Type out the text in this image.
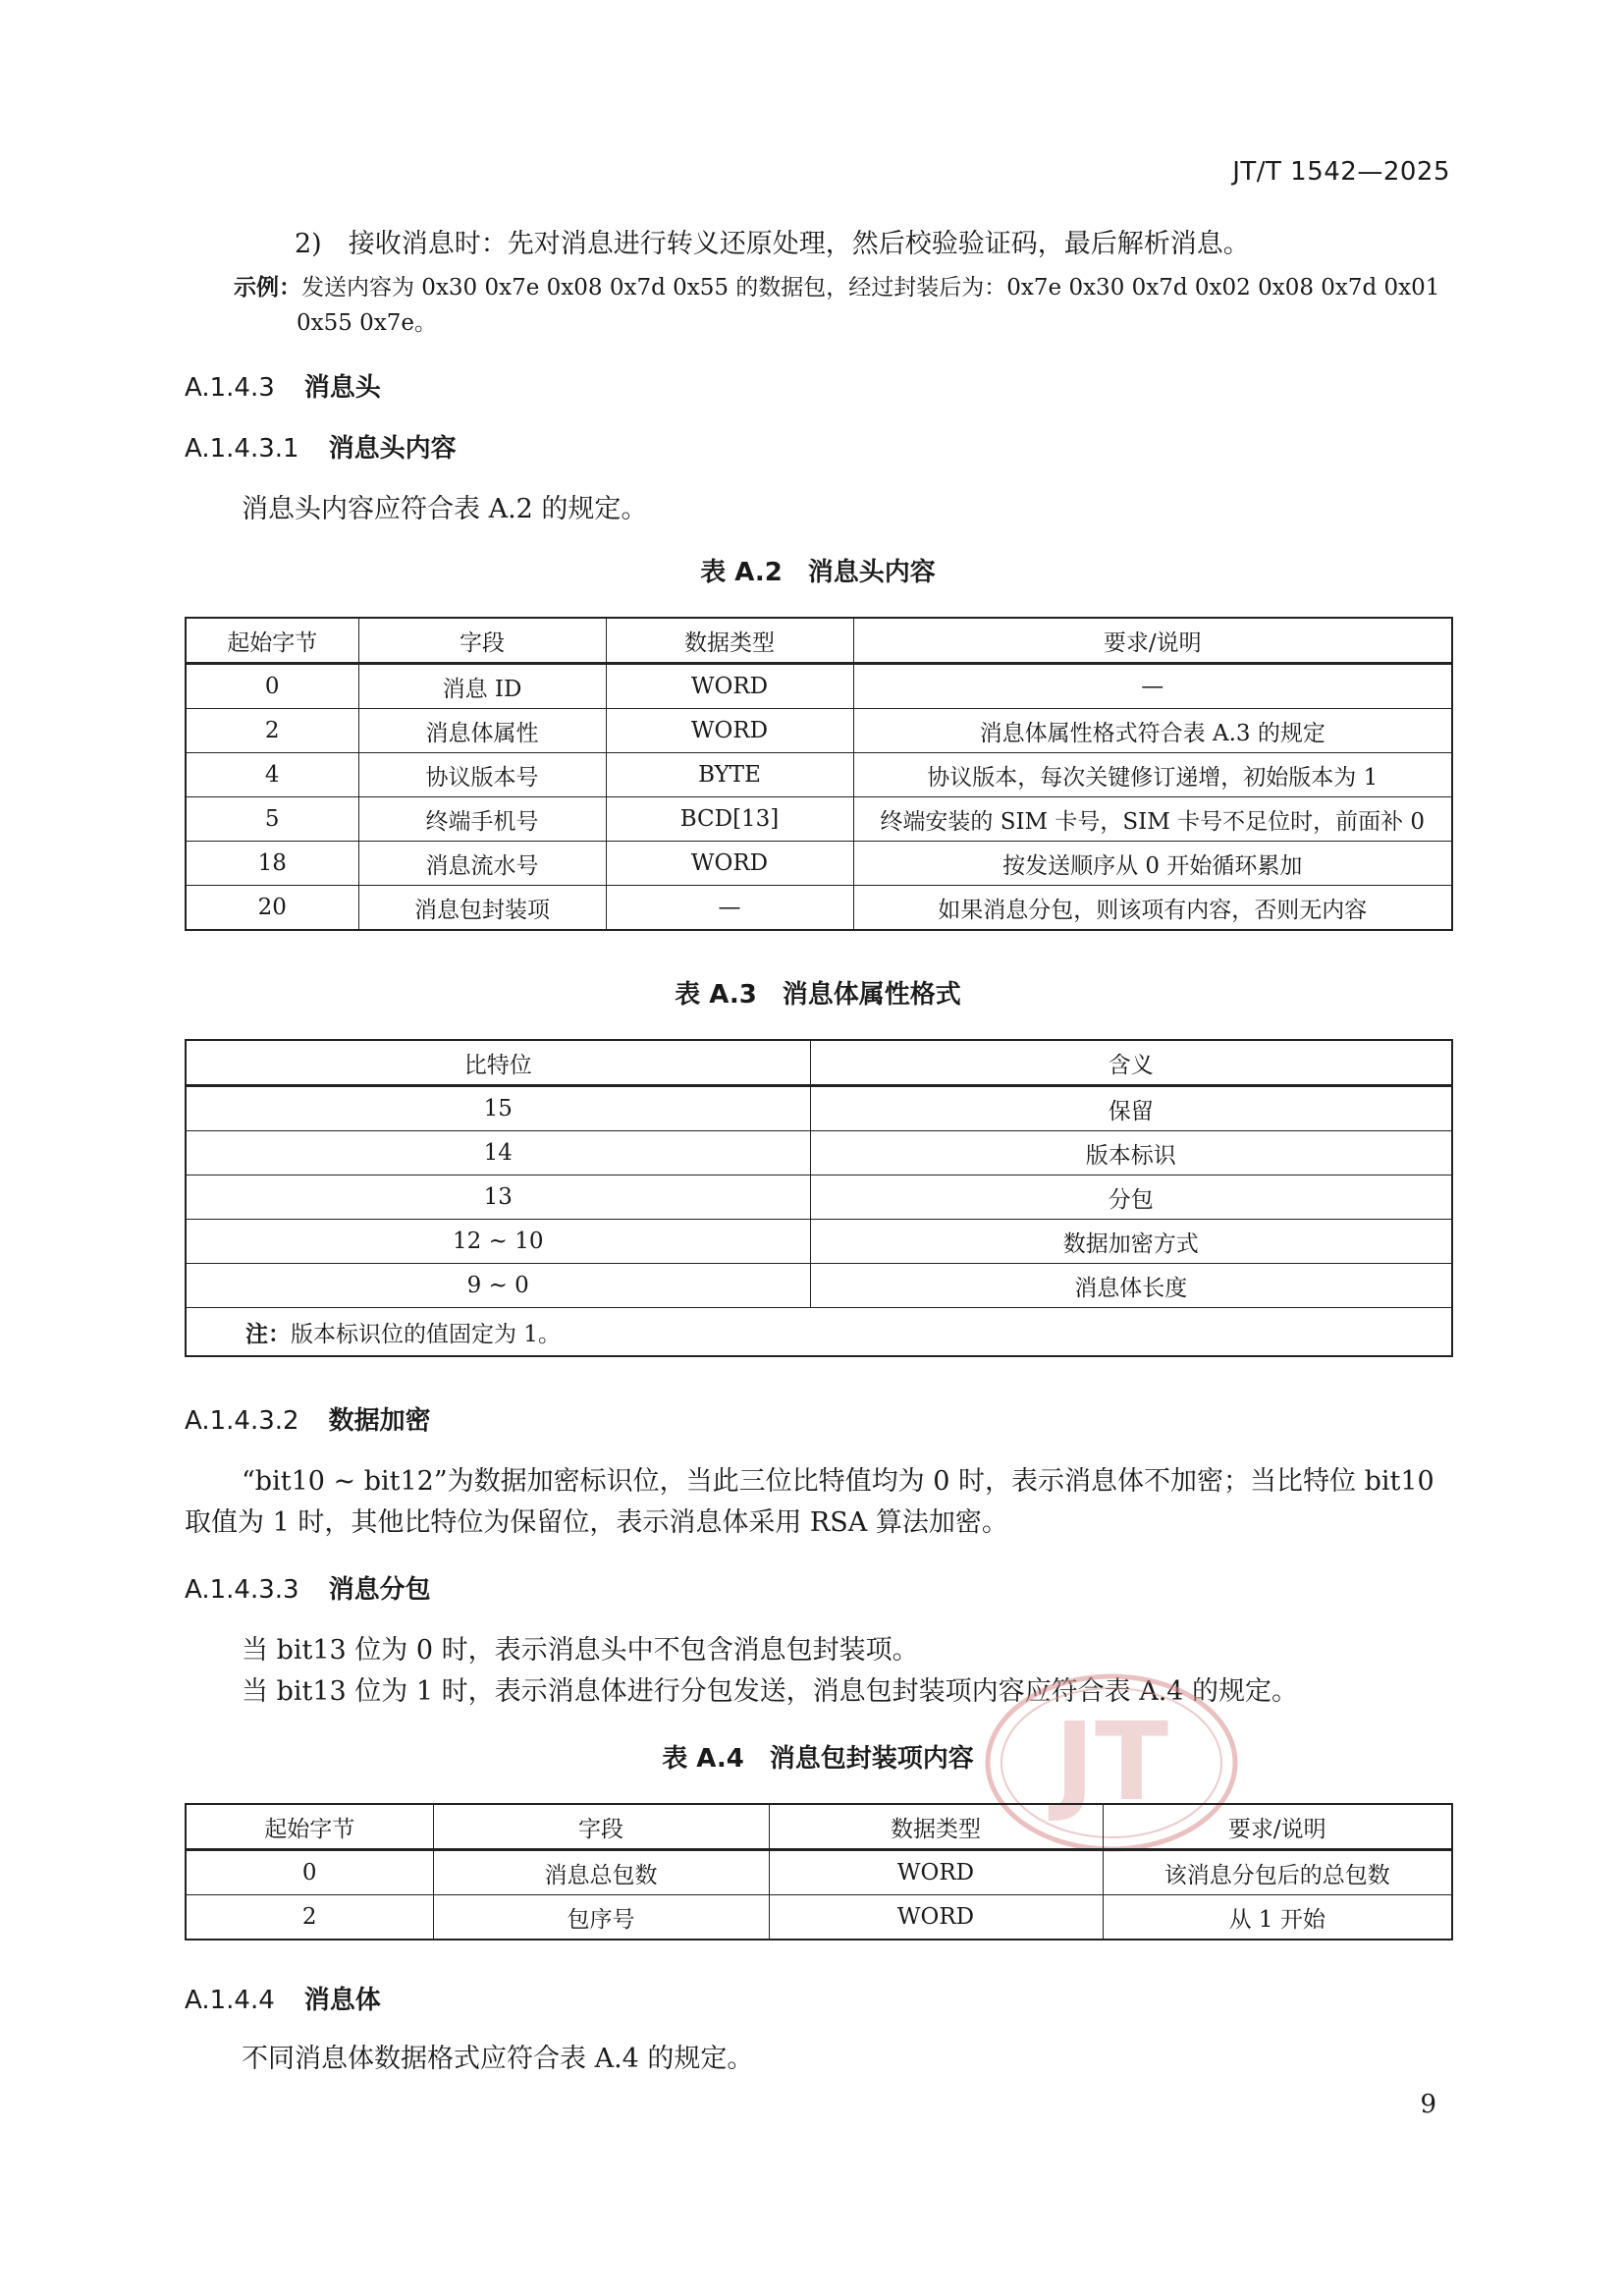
JT/T 1542—2025
2)　接收消息时：先对消息进行转义还原处理，然后校验验证码，最后解析消息。
示例：发送内容为 0x30 0x7e 0x08 0x7d 0x55 的数据包，经过封装后为：0x7e 0x30 0x7d 0x02 0x08 0x7d 0x01
0x55 0x7e。
A.1.4.3 消息头
A.1.4.3.1 消息头内容
消息头内容应符合表 A.2 的规定。
表 A.2　消息头内容
起始字节	字段	数据类型	要求/说明
0	消息 ID	WORD	—
2	消息体属性	WORD	消息体属性格式符合表 A.3 的规定
4	协议版本号	BYTE	协议版本，每次关键修订递增，初始版本为 1
5	终端手机号	BCD[13]	终端安装的 SIM 卡号，SIM 卡号不足位时，前面补 0
18	消息流水号	WORD	按发送顺序从 0 开始循环累加
20	消息包封装项	—	如果消息分包，则该项有内容，否则无内容
表 A.3　消息体属性格式
比特位	含义
15	保留
14	版本标识
13	分包
12 ~ 10	数据加密方式
9 ~ 0	消息体长度
注：版本标识位的值固定为 1。	
A.1.4.3.2 数据加密
“bit10 ~ bit12”为数据加密标识位，当此三位比特值均为 0 时，表示消息体不加密；当比特位 bit10
取值为 1 时，其他比特位为保留位，表示消息体采用 RSA 算法加密。
A.1.4.3.3 消息分包
当 bit13 位为 0 时，表示消息头中不包含消息包封装项。
当 bit13 位为 1 时，表示消息体进行分包发送，消息包封装项内容应符合表 A.4 的规定。
JT
表 A.4　消息包封装项内容
起始字节	字段	数据类型	要求/说明
0	消息总包数	WORD	该消息分包后的总包数
2	包序号	WORD	从 1 开始
A.1.4.4 消息体
不同消息体数据格式应符合表 A.4 的规定。
9
